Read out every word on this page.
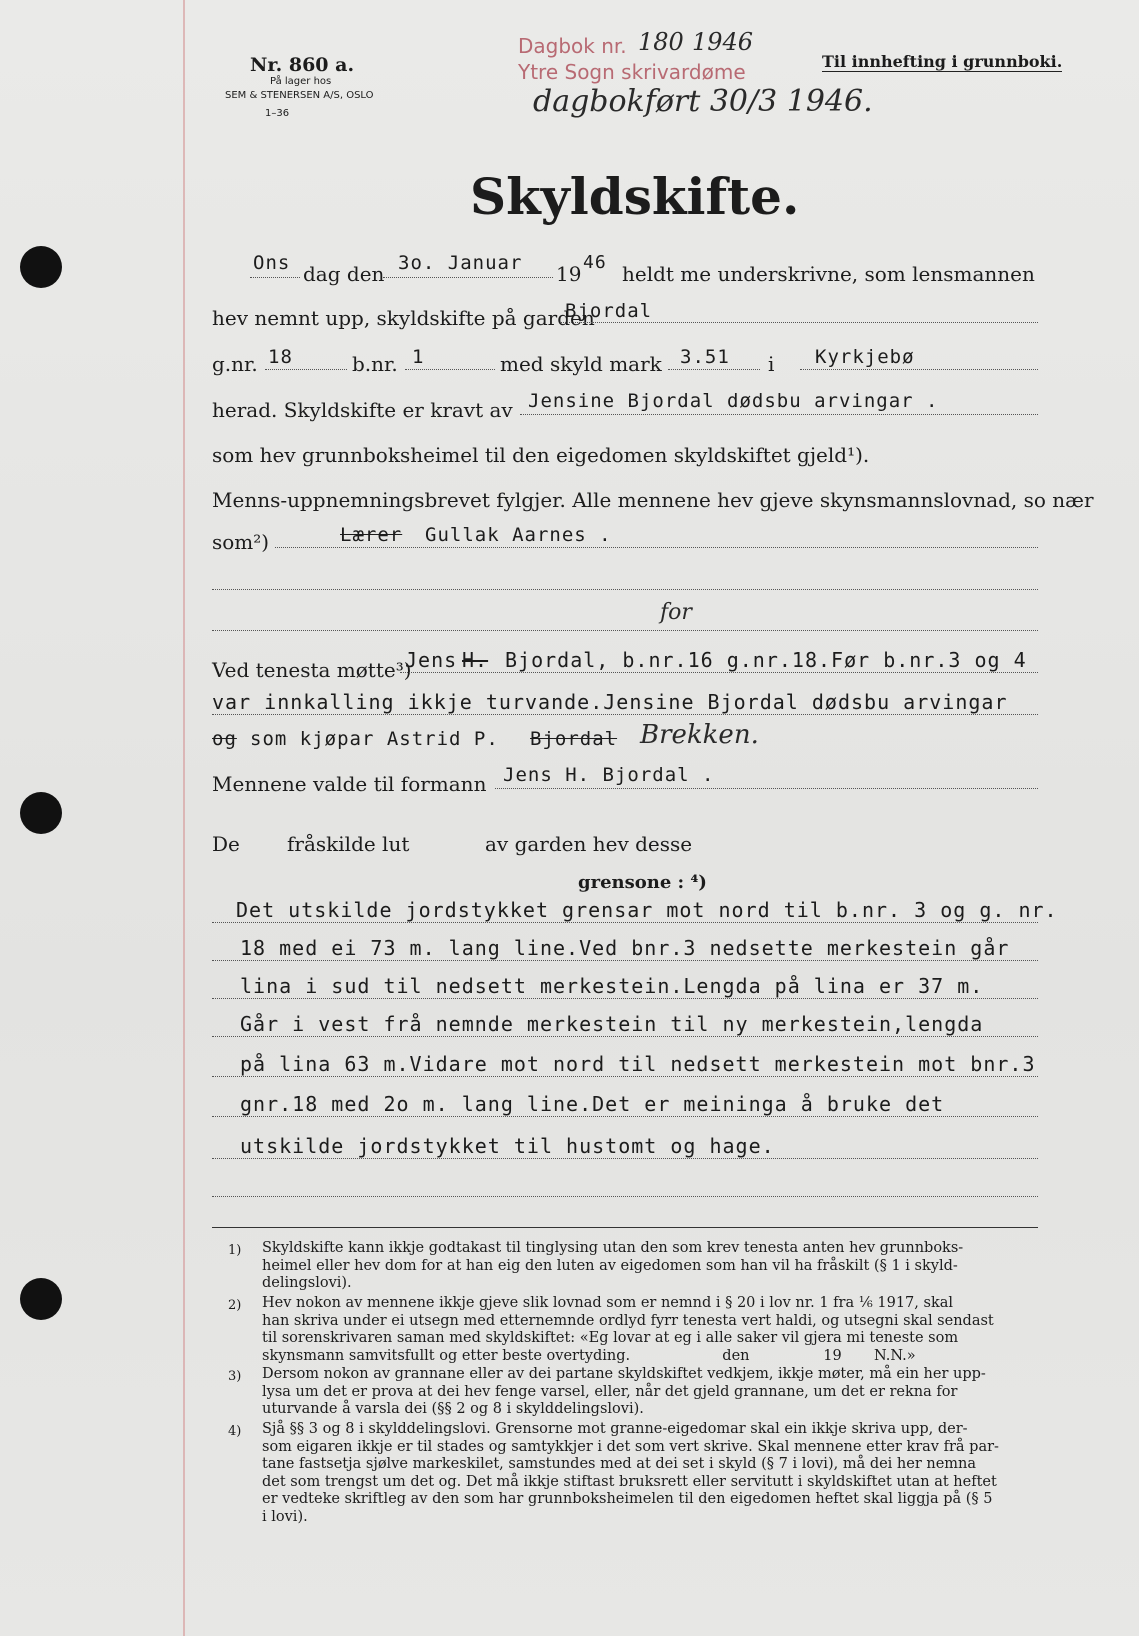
Nr. 860 a.
På lager hos
SEM & STENERSEN A/S, OSLO
1–36
Dagbok nr. 180 1946
Ytre Sogn skrivardøme
dagbokført 30/3 1946.
Til innhefting i grunnboki.
Skyldskifte.
Ons dag den 3o. Januar 19 46 heldt me underskrivne, som lensmannen
hev nemnt upp, skyldskifte på garden
Bjordal
g.nr. 18	b.nr. 1	med skyld mark 3.51 i Kyrkjebø
herad. Skyldskifte er kravt av Jensine Bjordal dødsbu arvingar .
som hev grunnboksheimel til den eigedomen skyldskiftet gjeld¹).
Menns-uppnemningsbrevet fylgjer. Alle mennene hev gjeve skynsmannslovnad, so nær
som²)	Lærer Gullak Aarnes .
for
Ved tenesta møtte³)
Jens H. Bjordal, b.nr.16 g.nr.18.Før b.nr.3 og 4
var innkalling ikkje turvande.Jensine Bjordal dødsbu arvingar
og som kjøpar Astrid P. Bjordal Brekken.
Mennene valde til formann Jens H. Bjordal .
De fråskilde lut	av garden hev desse
grensone : ⁴)
Det utskilde jordstykket grensar mot nord til b.nr. 3 og g. nr.
18 med ei 73 m. lang line.Ved bnr.3 nedsette merkestein går
lina i sud til nedsett merkestein.Lengda på lina er 37 m.
Går i vest frå nemnde merkestein til ny merkestein,lengda
på lina 63 m.Vidare mot nord til nedsett merkestein mot bnr.3
gnr.18 med 2o m. lang line.Det er meininga å bruke det
utskilde jordstykket til hustomt og hage.
1) Skyldskifte kann ikkje godtakast til tinglysing utan den som krev tenesta anten hev grunnboks-
heimel eller hev dom for at han eig den luten av eigedomen som han vil ha fråskilt (§ 1 i skyld-
delingslovi).
2) Hev nokon av mennene ikkje gjeve slik lovnad som er nemnd i § 20 i lov nr. 1 fra ⅙ 1917, skal
han skriva under ei utsegn med etternemnde ordlyd fyrr tenesta vert haldi, og utsegni skal sendast
til sorenskrivaren saman med skyldskiftet: «Eg lovar at eg i alle saker vil gjera mi teneste som
skynsmann samvitsfullt og etter beste overtyding.                    den                19       N.N.»
3) Dersom nokon av grannane eller av dei partane skyldskiftet vedkjem, ikkje møter, må ein her upp-
lysa um det er prova at dei hev fenge varsel, eller, når det gjeld grannane, um det er rekna for
uturvande å varsla dei (§§ 2 og 8 i skylddelingslovi).
4) Sjå §§ 3 og 8 i skylddelingslovi. Grensorne mot granne-eigedomar skal ein ikkje skriva upp, der-
som eigaren ikkje er til stades og samtykkjer i det som vert skrive. Skal mennene etter krav frå par-
tane fastsetja sjølve markeskilet, samstundes med at dei set i skyld (§ 7 i lovi), må dei her nemna
det som trengst um det og. Det må ikkje stiftast bruksrett eller servitutt i skyldskiftet utan at heftet
er vedteke skriftleg av den som har grunnboksheimelen til den eigedomen heftet skal liggja på (§ 5
i lovi).
